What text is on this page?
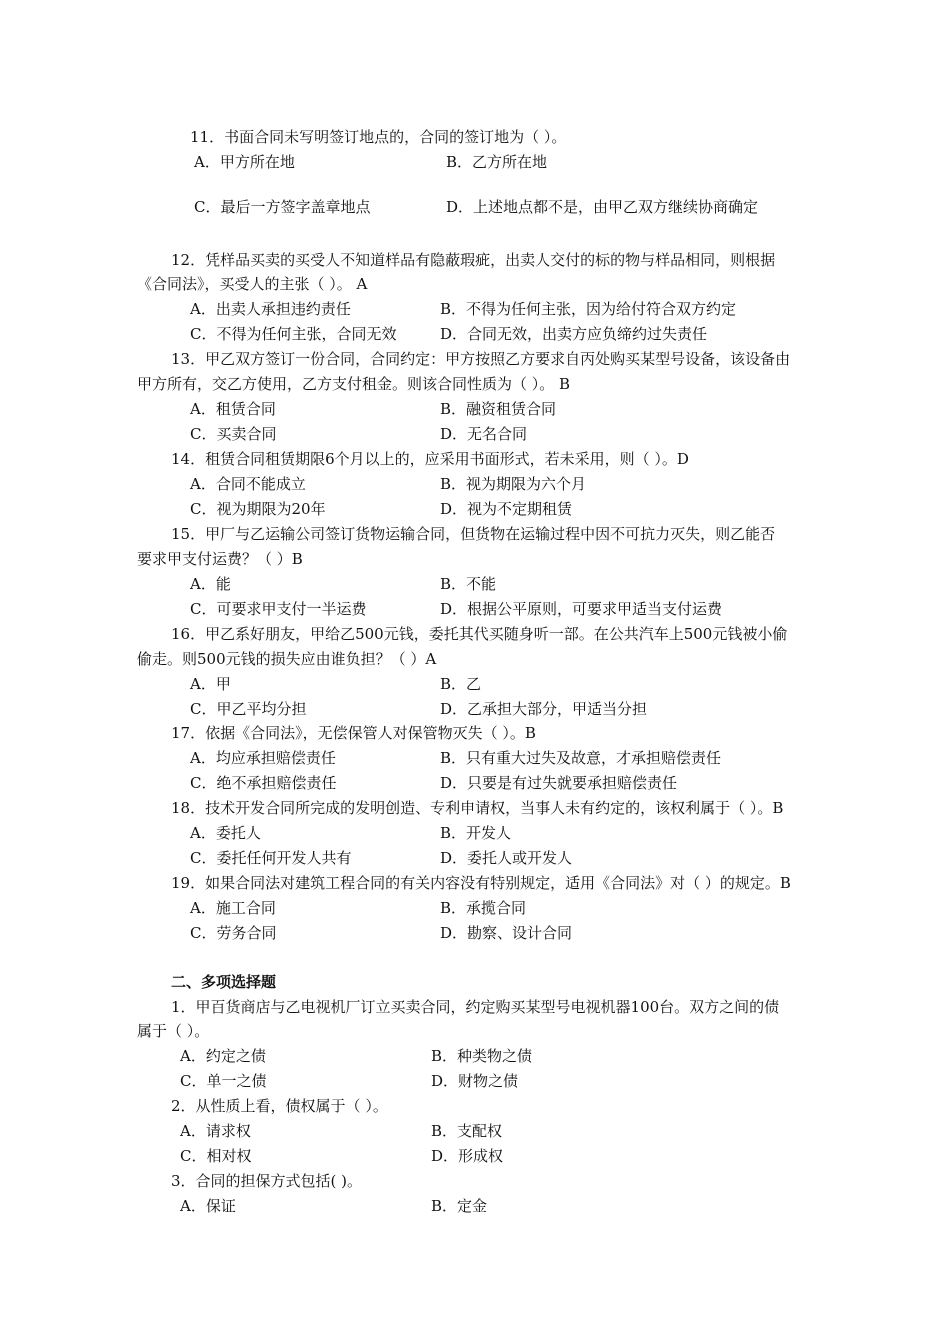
11．书面合同未写明签订地点的，合同的签订地为（ ）。
A．甲方所在地	B．乙方所在地
C．最后一方签字盖章地点	D．上述地点都不是，由甲乙双方继续协商确定
12．凭样品买卖的买受人不知道样品有隐蔽瑕疵，出卖人交付的标的物与样品相同，则根据
《合同法》，买受人的主张（ ）。 A
A．出卖人承担违约责任	B．不得为任何主张，因为给付符合双方约定
C．不得为任何主张，合同无效	D．合同无效，出卖方应负缔约过失责任
13．甲乙双方签订一份合同，合同约定：甲方按照乙方要求自丙处购买某型号设备，该设备由
甲方所有，交乙方使用，乙方支付租金。则该合同性质为（ ）。 B
A．租赁合同	B．融资租赁合同
C．买卖合同	D．无名合同
14．租赁合同租赁期限6个月以上的，应采用书面形式，若未采用，则（ ）。D
A．合同不能成立	B．视为期限为六个月
C．视为期限为20年	D．视为不定期租赁
15．甲厂与乙运输公司签订货物运输合同，但货物在运输过程中因不可抗力灭失，则乙能否
要求甲支付运费？（ ）B
A．能	B．不能
C．可要求甲支付一半运费	D．根据公平原则，可要求甲适当支付运费
16．甲乙系好朋友，甲给乙500元钱，委托其代买随身听一部。在公共汽车上500元钱被小偷
偷走。则500元钱的损失应由谁负担？（ ）A
A．甲	B．乙
C．甲乙平均分担	D．乙承担大部分，甲适当分担
17．依据《合同法》，无偿保管人对保管物灭失（ ）。B
A．均应承担赔偿责任	B．只有重大过失及故意，才承担赔偿责任
C．绝不承担赔偿责任	D．只要是有过失就要承担赔偿责任
18．技术开发合同所完成的发明创造、专利申请权，当事人未有约定的，该权利属于（ ）。B
A．委托人	B．开发人
C．委托任何开发人共有	D．委托人或开发人
19．如果合同法对建筑工程合同的有关内容没有特别规定，适用《合同法》对（ ）的规定。B
A．施工合同	B．承揽合同
C．劳务合同	D．勘察、设计合同
二、多项选择题
1．甲百货商店与乙电视机厂订立买卖合同，约定购买某型号电视机器100台。双方之间的债
属于（ ）。
A．约定之债	B．种类物之债
C．单一之债	D．财物之债
2．从性质上看，债权属于（ ）。
A．请求权	B．支配权
C．相对权	D．形成权
3．合同的担保方式包括( )。
A．保证	B．定金
